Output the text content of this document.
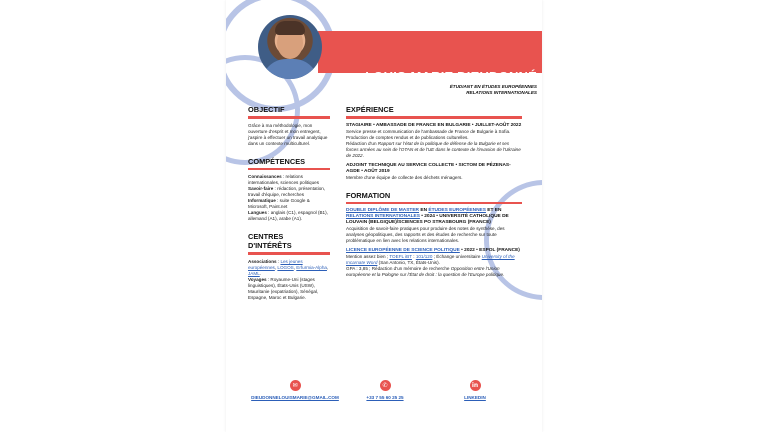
LOUIS-MARIE DIEUDONNÉ
ÉTUDIANT EN ÉTUDES EUROPÉENNES
RELATIONS INTERNATIONALES
OBJECTIF
Grâce à ma méthodologie, mon ouverture d'esprit et mon entregent, j'aspire à effectuer un travail analytique dans un contexte multiculturel.
COMPÉTENCES
Connaissances : relations internationales, sciences politiques
Savoir-faire : rédaction, présentation, travail d'équipe, recherches
Informatique : suite Google & Microsoft, Paint.net
Langues : anglais (C1), espagnol (B1), allemand (A1), arabe (A1).
CENTRES
D'INTÉRÊTS
Associations : Les jeunes européennes, LOGOS, Erfurmia-Alpha, JAML.
Voyages : Royaume-Uni (stages linguistiques), États-Unis (USW), Mauritanie (expatriation), Sénégal, Espagne, Maroc et Bulgarie.
EXPÉRIENCE
STAGIAIRE • AMBASSADE DE FRANCE EN BULGARIE • JUILLET-AOÛT 2022
Service presse et communication de l'ambassade de France de Bulgarie à Sofia. Production de comptes rendus et de publications culturelles.
Rédaction d'un Rapport sur l'état de la politique de défense de la Bulgarie et ses forces armées au sein de l'OTAN et de l'UE dans le contexte de l'invasion de l'Ukraine de 2022.
ADJOINT TECHNIQUE AU SERVICE COLLECTE • SICTOM DE PÉZENAS-AGDE • AOÛT 2019
Membre d'une équipe de collecte des déchets ménagers.
FORMATION
DOUBLE DIPLÔME DE MASTER EN ÉTUDES EUROPÉENNES ET EN RELATIONS INTERNATIONALES • 2024 • UNIVERSITÉ CATHOLIQUE DE LOUVAIN (BELGIQUE)/SCIENCES PO STRASBOURG (FRANCE)
Acquisition de savoir-faire pratiques pour produire des notes de synthèse, des analyses géopolitiques, des rapports et des études de recherche sur toute problématique en lien avec les relations internationales.
LICENCE EUROPÉENNE DE SCIENCE POLITIQUE • 2022 • ESPOL (FRANCE)
Mention assez bien ; TOEFL iBT : 101/120 ; Échange universitaire University of the Incarnate Word (San Antonio, TX, États-Unis).
GPA : 3,85 ; Rédaction d'un mémoire de recherche Opposition entre l'Union européenne et la Pologne sur l'État de droit : la question de l'Europe politique.
✉
DIEUDONNELOUISMARIE@GMAIL.COM
✆
+33 7 55 60 25 25
in
LINKEDIN
